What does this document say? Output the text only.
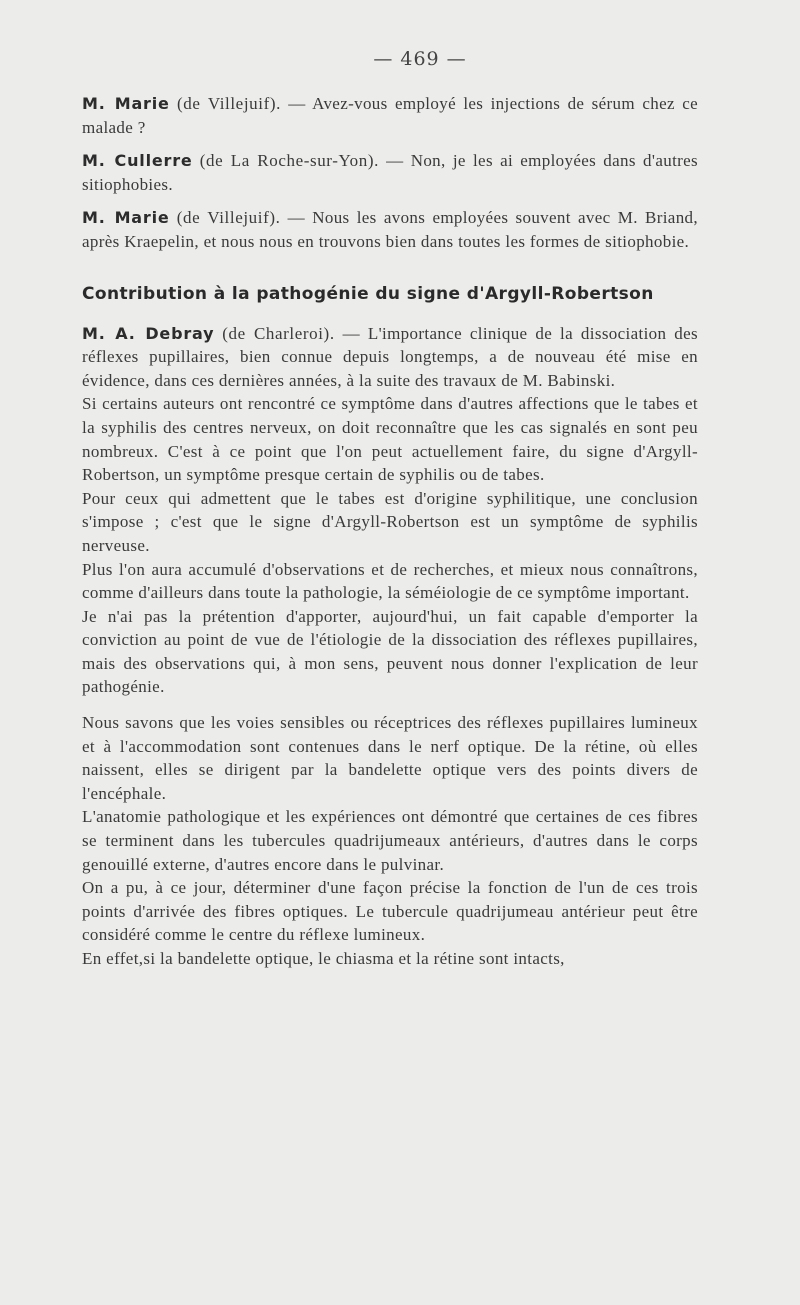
— 469 —

M. Marie (de Villejuif). — Avez-vous employé les injections de sérum chez ce malade ?

M. Cullerre (de La Roche-sur-Yon). — Non, je les ai employées dans d'autres sitiophobies.

M. Marie (de Villejuif). — Nous les avons employées souvent avec M. Briand, après Kraepelin, et nous nous en trouvons bien dans toutes les formes de sitiophobie.

Contribution à la pathogénie du signe d'Argyll-Robertson

M. A. Debray (de Charleroi). — L'importance clinique de la dissociation des réflexes pupillaires, bien connue depuis longtemps, a de nouveau été mise en évidence, dans ces dernières années, à la suite des travaux de M. Babinski.

Si certains auteurs ont rencontré ce symptôme dans d'autres affections que le tabes et la syphilis des centres nerveux, on doit reconnaître que les cas signalés en sont peu nombreux. C'est à ce point que l'on peut actuellement faire, du signe d'Argyll-Robertson, un symptôme presque certain de syphilis ou de tabes.

Pour ceux qui admettent que le tabes est d'origine syphilitique, une conclusion s'impose ; c'est que le signe d'Argyll-Robertson est un symptôme de syphilis nerveuse.

Plus l'on aura accumulé d'observations et de recherches, et mieux nous connaîtrons, comme d'ailleurs dans toute la pathologie, la séméiologie de ce symptôme important.

Je n'ai pas la prétention d'apporter, aujourd'hui, un fait capable d'emporter la conviction au point de vue de l'étiologie de la dissociation des réflexes pupillaires, mais des observations qui, à mon sens, peuvent nous donner l'explication de leur pathogénie.

Nous savons que les voies sensibles ou réceptrices des réflexes pupillaires lumineux et à l'accommodation sont contenues dans le nerf optique. De la rétine, où elles naissent, elles se dirigent par la bandelette optique vers des points divers de l'encéphale.

L'anatomie pathologique et les expériences ont démontré que certaines de ces fibres se terminent dans les tubercules quadrijumeaux antérieurs, d'autres dans le corps genouillé externe, d'autres encore dans le pulvinar.

On a pu, à ce jour, déterminer d'une façon précise la fonction de l'un de ces trois points d'arrivée des fibres optiques. Le tubercule quadrijumeau antérieur peut être considéré comme le centre du réflexe lumineux.

En effet,si la bandelette optique, le chiasma et la rétine sont intacts,
